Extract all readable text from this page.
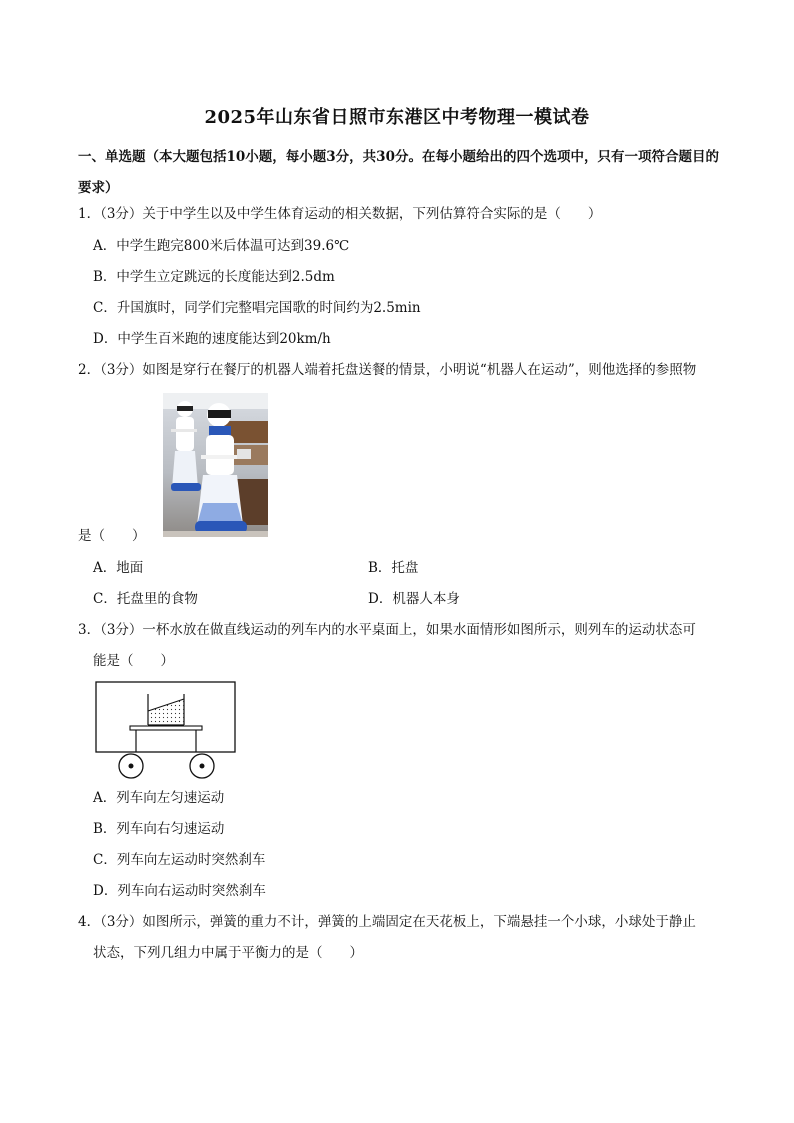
2025年山东省日照市东港区中考物理一模试卷
一、单选题（本大题包括10小题，每小题3分，共30分。在每小题给出的四个选项中，只有一项符合题目的要求）
1．（3分）关于中学生以及中学生体育运动的相关数据，下列估算符合实际的是（　　）
A．中学生跑完800米后体温可达到39.6℃
B．中学生立定跳远的长度能达到2.5dm
C．升国旗时，同学们完整唱完国歌的时间约为2.5min
D．中学生百米跑的速度能达到20km/h
2．（3分）如图是穿行在餐厅的机器人端着托盘送餐的情景，小明说“机器人在运动”，则他选择的参照物
是（　　）
A．地面	B．托盘
C．托盘里的食物	D．机器人本身
3．（3分）一杯水放在做直线运动的列车内的水平桌面上，如果水面情形如图所示，则列车的运动状态可
能是（　　）
A．列车向左匀速运动
B．列车向右匀速运动
C．列车向左运动时突然刹车
D．列车向右运动时突然刹车
4．（3分）如图所示，弹簧的重力不计，弹簧的上端固定在天花板上，下端悬挂一个小球，小球处于静止
状态，下列几组力中属于平衡力的是（　　）
